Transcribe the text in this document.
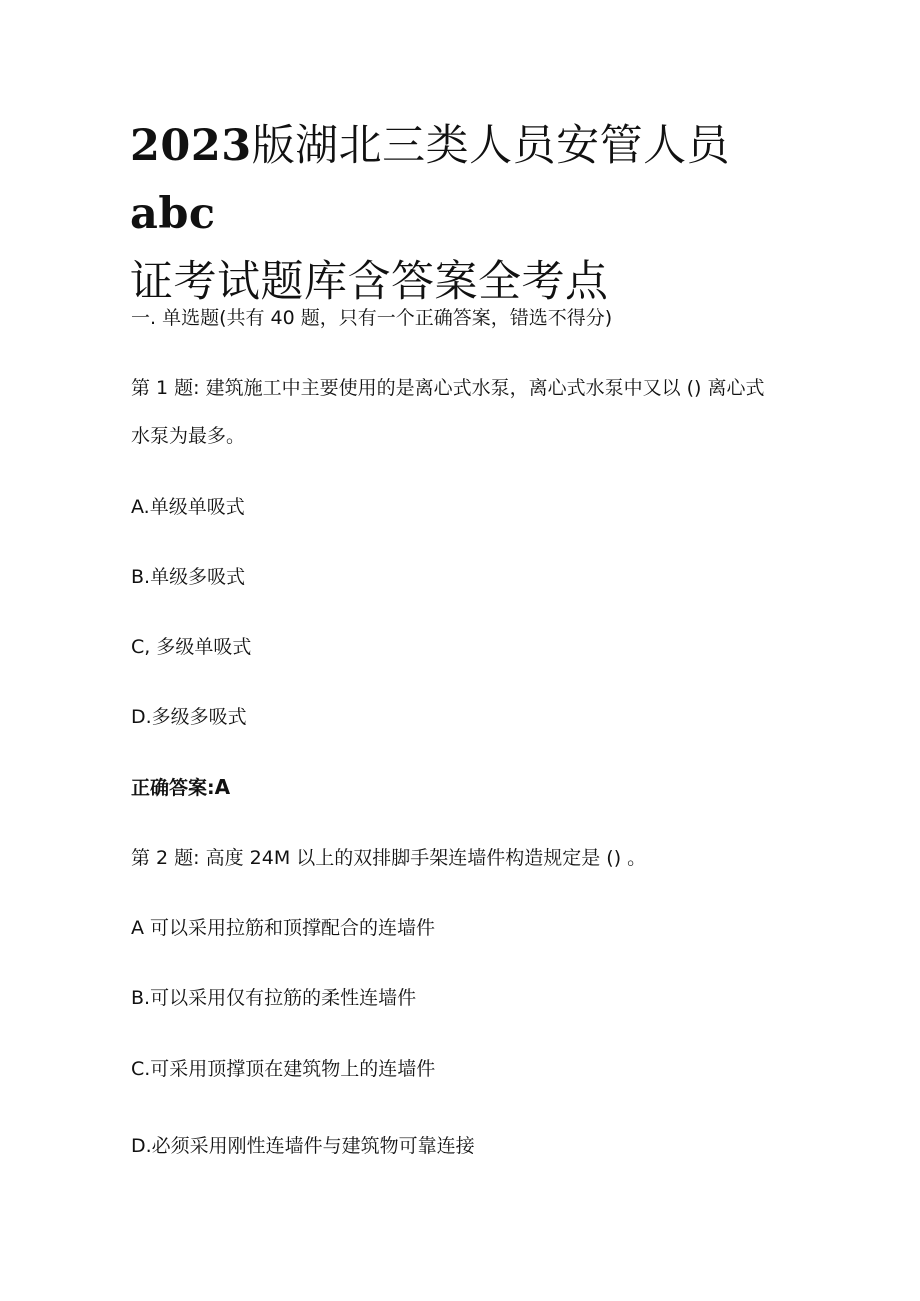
2023版湖北三类人员安管人员 abc
证考试题库含答案全考点
一. 单选题(共有 40 题，只有一个正确答案，错选不得分)
第 1 题: 建筑施工中主要使用的是离心式水泵，离心式水泵中又以 () 离心式
水泵为最多。
A.单级单吸式
B.单级多吸式
C, 多级单吸式
D.多级多吸式
正确答案:A
第 2 题: 高度 24M 以上的双排脚手架连墙件构造规定是 () 。
A 可以采用拉筋和顶撑配合的连墙件
B.可以采用仅有拉筋的柔性连墙件
C.可采用顶撑顶在建筑物上的连墙件
D.必须采用刚性连墙件与建筑物可靠连接
